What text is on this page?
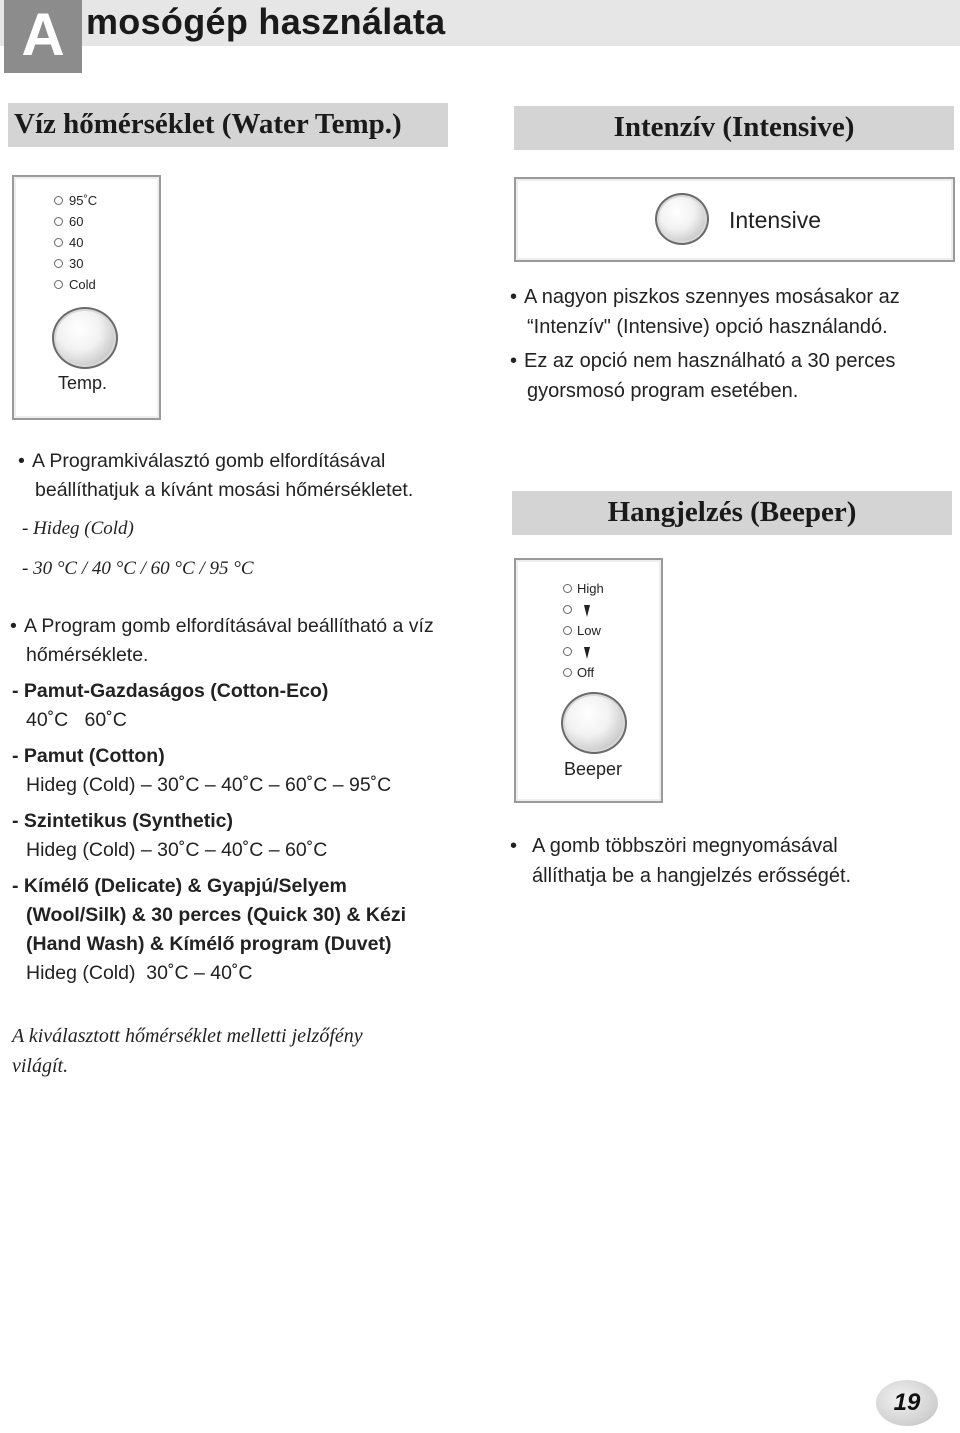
A mosógép használata
Víz hőmérséklet (Water Temp.)	Intenzív (Intensive)
Hangjelzés (Beeper)
95˚C
60
40
30
Cold
Temp.
Intensive
• A nagyon piszkos szennyes mosásakor az
“Intenzív" (Intensive) opció használandó.
• Ez az opció nem használható a 30 perces
gyorsmosó program esetében.
• A Programkiválasztó gomb elfordításával
beállíthatjuk a kívánt mosási hőmérsékletet.
- Hideg (Cold)
- 30 °C / 40 °C / 60 °C / 95 °C
• A Program gomb elfordításával beállítható a víz
hőmérséklete.
- Pamut-Gazdaságos (Cotton-Eco)
40˚C   60˚C
- Pamut (Cotton)
Hideg (Cold) – 30˚C – 40˚C – 60˚C – 95˚C
- Szintetikus (Synthetic)
Hideg (Cold) – 30˚C – 40˚C – 60˚C
- Kímélő (Delicate) & Gyapjú/Selyem
(Wool/Silk) & 30 perces (Quick 30) & Kézi
(Hand Wash) & Kímélő program (Duvet)
Hideg (Cold)  30˚C – 40˚C
A kiválasztott hőmérséklet melletti jelzőfény
világít.
High
Low
Off
Beeper
• A gomb többszöri megnyomásával
állíthatja be a hangjelzés erősségét.
19
